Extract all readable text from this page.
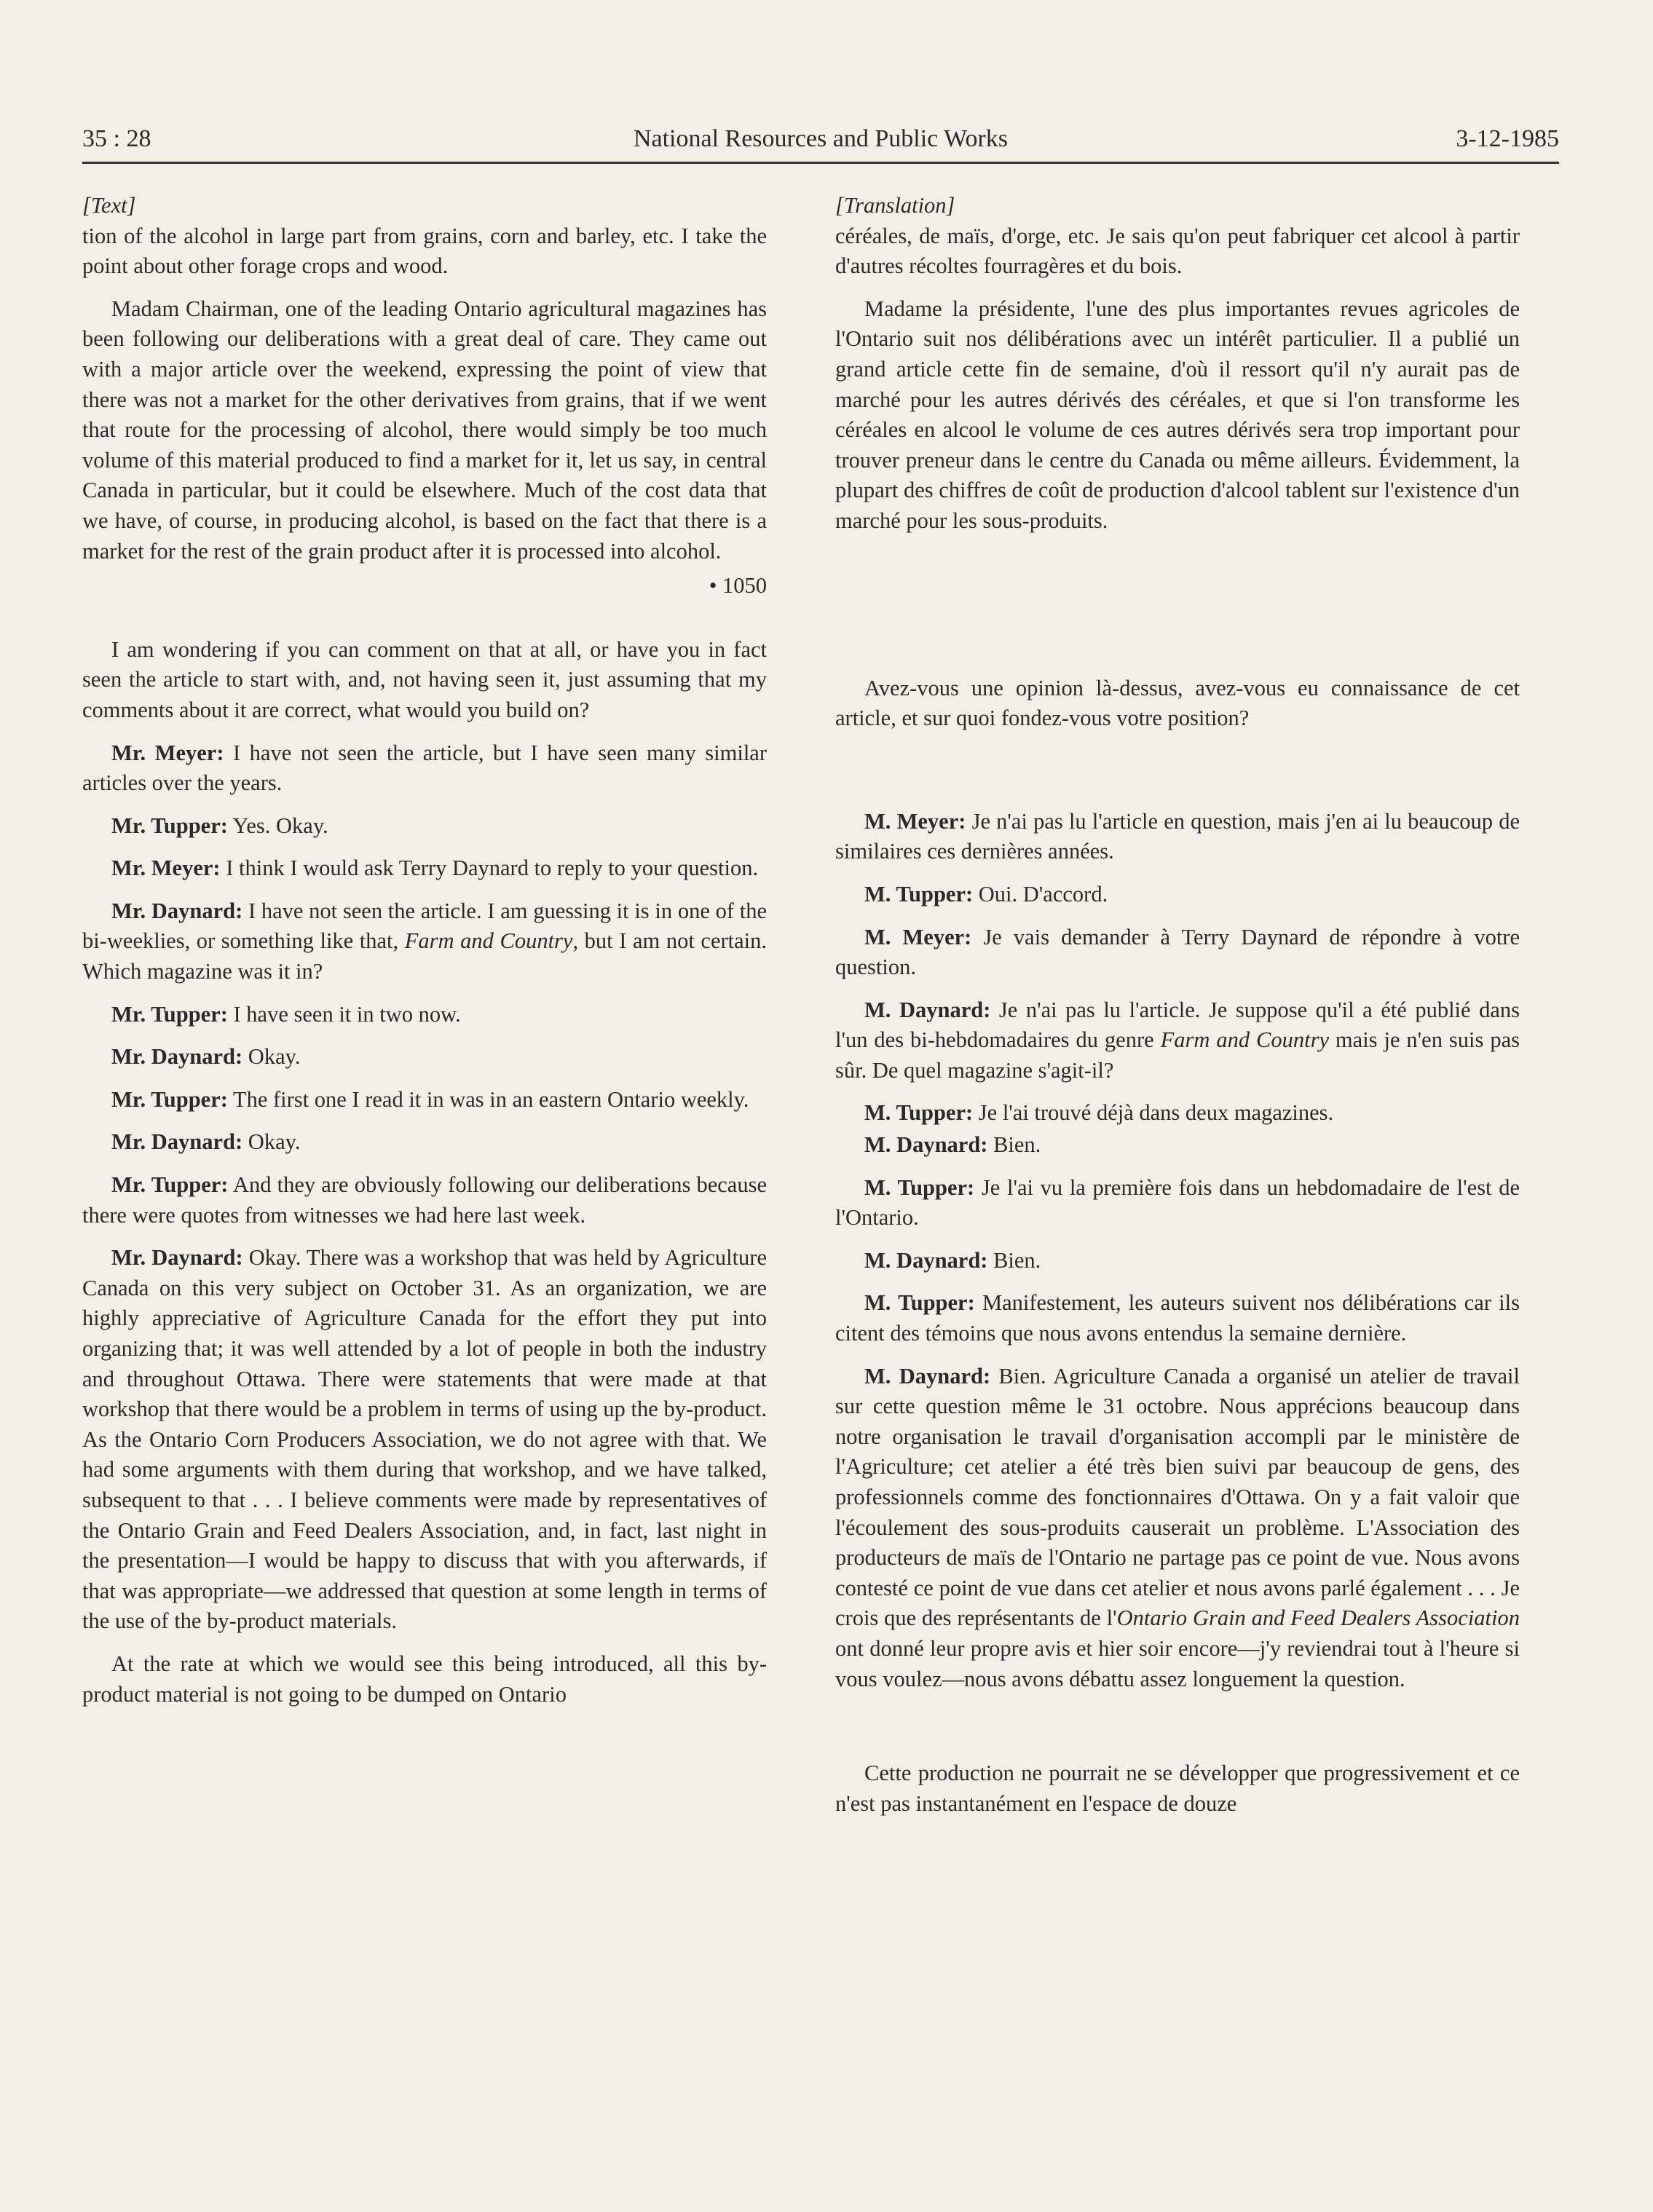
35 : 28	National Resources and Public Works	3-12-1985

[Text]

tion of the alcohol in large part from grains, corn and barley, etc. I take the point about other forage crops and wood.

Madam Chairman, one of the leading Ontario agricultural magazines has been following our deliberations with a great deal of care. They came out with a major article over the weekend, expressing the point of view that there was not a market for the other derivatives from grains, that if we went that route for the processing of alcohol, there would simply be too much volume of this material produced to find a market for it, let us say, in central Canada in particular, but it could be elsewhere. Much of the cost data that we have, of course, in producing alcohol, is based on the fact that there is a market for the rest of the grain product after it is processed into alcohol.

• 1050

I am wondering if you can comment on that at all, or have you in fact seen the article to start with, and, not having seen it, just assuming that my comments about it are correct, what would you build on?

Mr. Meyer: I have not seen the article, but I have seen many similar articles over the years.

Mr. Tupper: Yes. Okay.

Mr. Meyer: I think I would ask Terry Daynard to reply to your question.

Mr. Daynard: I have not seen the article. I am guessing it is in one of the bi-weeklies, or something like that, Farm and Country, but I am not certain. Which magazine was it in?

Mr. Tupper: I have seen it in two now.

Mr. Daynard: Okay.

Mr. Tupper: The first one I read it in was in an eastern Ontario weekly.

Mr. Daynard: Okay.

Mr. Tupper: And they are obviously following our deliberations because there were quotes from witnesses we had here last week.

Mr. Daynard: Okay. There was a workshop that was held by Agriculture Canada on this very subject on October 31. As an organization, we are highly appreciative of Agriculture Canada for the effort they put into organizing that; it was well attended by a lot of people in both the industry and throughout Ottawa. There were statements that were made at that workshop that there would be a problem in terms of using up the by-product. As the Ontario Corn Producers Association, we do not agree with that. We had some arguments with them during that workshop, and we have talked, subsequent to that . . . I believe comments were made by representatives of the Ontario Grain and Feed Dealers Association, and, in fact, last night in the presentation—I would be happy to discuss that with you afterwards, if that was appropriate—we addressed that question at some length in terms of the use of the by-product materials.

At the rate at which we would see this being introduced, all this by-product material is not going to be dumped on Ontario

[Translation]

céréales, de maïs, d'orge, etc. Je sais qu'on peut fabriquer cet alcool à partir d'autres récoltes fourragères et du bois.

Madame la présidente, l'une des plus importantes revues agricoles de l'Ontario suit nos délibérations avec un intérêt particulier. Il a publié un grand article cette fin de semaine, d'où il ressort qu'il n'y aurait pas de marché pour les autres dérivés des céréales, et que si l'on transforme les céréales en alcool le volume de ces autres dérivés sera trop important pour trouver preneur dans le centre du Canada ou même ailleurs. Évidemment, la plupart des chiffres de coût de production d'alcool tablent sur l'existence d'un marché pour les sous-produits.

Avez-vous une opinion là-dessus, avez-vous eu connaissance de cet article, et sur quoi fondez-vous votre position?

M. Meyer: Je n'ai pas lu l'article en question, mais j'en ai lu beaucoup de similaires ces dernières années.

M. Tupper: Oui. D'accord.

M. Meyer: Je vais demander à Terry Daynard de répondre à votre question.

M. Daynard: Je n'ai pas lu l'article. Je suppose qu'il a été publié dans l'un des bi-hebdomadaires du genre Farm and Country mais je n'en suis pas sûr. De quel magazine s'agit-il?

M. Tupper: Je l'ai trouvé déjà dans deux magazines.

M. Daynard: Bien.

M. Tupper: Je l'ai vu la première fois dans un hebdomadaire de l'est de l'Ontario.

M. Daynard: Bien.

M. Tupper: Manifestement, les auteurs suivent nos délibérations car ils citent des témoins que nous avons entendus la semaine dernière.

M. Daynard: Bien. Agriculture Canada a organisé un atelier de travail sur cette question même le 31 octobre. Nous apprécions beaucoup dans notre organisation le travail d'organisation accompli par le ministère de l'Agriculture; cet atelier a été très bien suivi par beaucoup de gens, des professionnels comme des fonctionnaires d'Ottawa. On y a fait valoir que l'écoulement des sous-produits causerait un problème. L'Association des producteurs de maïs de l'Ontario ne partage pas ce point de vue. Nous avons contesté ce point de vue dans cet atelier et nous avons parlé également . . . Je crois que des représentants de l'Ontario Grain and Feed Dealers Association ont donné leur propre avis et hier soir encore—j'y reviendrai tout à l'heure si vous voulez—nous avons débattu assez longuement la question.

Cette production ne pourrait ne se développer que progressivement et ce n'est pas instantanément en l'espace de douze
